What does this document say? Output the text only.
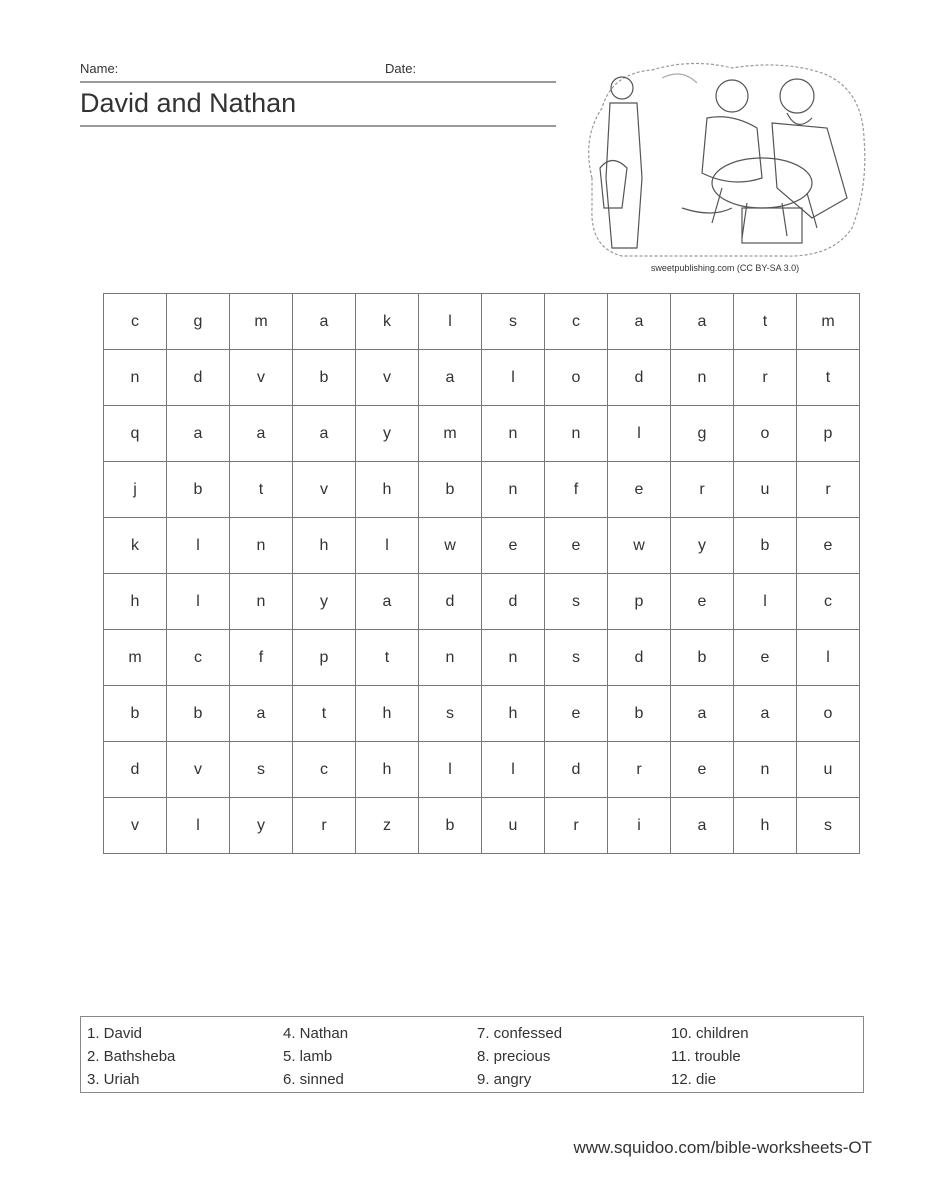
Name:	Date:
David and Nathan
sweetpublishing.com (CC BY-SA 3.0)
c	g	m	a	k	l	s	c	a	a	t	m
n	d	v	b	v	a	l	o	d	n	r	t
q	a	a	a	y	m	n	n	l	g	o	p
j	b	t	v	h	b	n	f	e	r	u	r
k	l	n	h	l	w	e	e	w	y	b	e
h	l	n	y	a	d	d	s	p	e	l	c
m	c	f	p	t	n	n	s	d	b	e	l
b	b	a	t	h	s	h	e	b	a	a	o
d	v	s	c	h	l	l	d	r	e	n	u
v	l	y	r	z	b	u	r	i	a	h	s
1. David
2. Bathsheba
3. Uriah
4. Nathan
5. lamb
6. sinned
7. confessed
8. precious
9. angry
10. children
11. trouble
12. die
www.squidoo.com/bible-worksheets-OT
